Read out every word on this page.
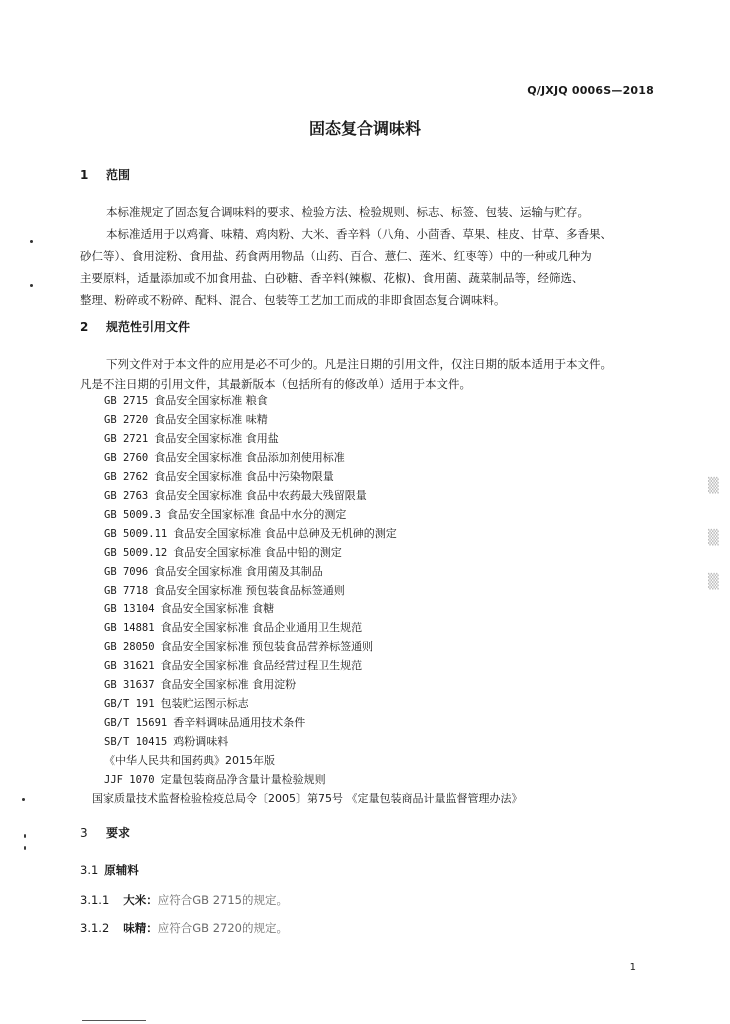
Q/JXJQ 0006S—2018
固态复合调味料
1 范围
本标准规定了固态复合调味料的要求、检验方法、检验规则、标志、标签、包装、运输与贮存。
本标准适用于以鸡膏、味精、鸡肉粉、大米、香辛料（八角、小茴香、草果、桂皮、甘草、多香果、
砂仁等）、食用淀粉、食用盐、药食两用物品（山药、百合、薏仁、莲米、红枣等）中的一种或几种为
主要原料，适量添加或不加食用盐、白砂糖、香辛料(辣椒、花椒)、食用菌、蔬菜制品等，经筛选、
整理、粉碎或不粉碎、配料、混合、包装等工艺加工而成的非即食固态复合调味料。
2 规范性引用文件
下列文件对于本文件的应用是必不可少的。凡是注日期的引用文件，仅注日期的版本适用于本文件。
凡是不注日期的引用文件，其最新版本（包括所有的修改单）适用于本文件。
GB 2715 食品安全国家标准 粮食
GB 2720 食品安全国家标准 味精
GB 2721 食品安全国家标准 食用盐
GB 2760 食品安全国家标准 食品添加剂使用标准
GB 2762 食品安全国家标准 食品中污染物限量
GB 2763 食品安全国家标准 食品中农药最大残留限量
GB 5009.3 食品安全国家标准 食品中水分的测定
GB 5009.11 食品安全国家标准 食品中总砷及无机砷的测定
GB 5009.12 食品安全国家标准 食品中铅的测定
GB 7096 食品安全国家标准 食用菌及其制品
GB 7718 食品安全国家标准 预包装食品标签通则
GB 13104 食品安全国家标准 食糖
GB 14881 食品安全国家标准 食品企业通用卫生规范
GB 28050 食品安全国家标准 预包装食品营养标签通则
GB 31621 食品安全国家标准 食品经营过程卫生规范
GB 31637 食品安全国家标准 食用淀粉
GB/T 191 包装贮运图示标志
GB/T 15691 香辛料调味品通用技术条件
SB/T 10415 鸡粉调味料
《中华人民共和国药典》2015年版
JJF 1070 定量包装商品净含量计量检验规则
国家质量技术监督检验检疫总局令〔2005〕第75号 《定量包装商品计量监督管理办法》
3 要求
3.1 原辅料
3.1.1 大米：应符合GB 2715的规定。
3.1.2 味精：应符合GB 2720的规定。
1
▒
▒
▒
